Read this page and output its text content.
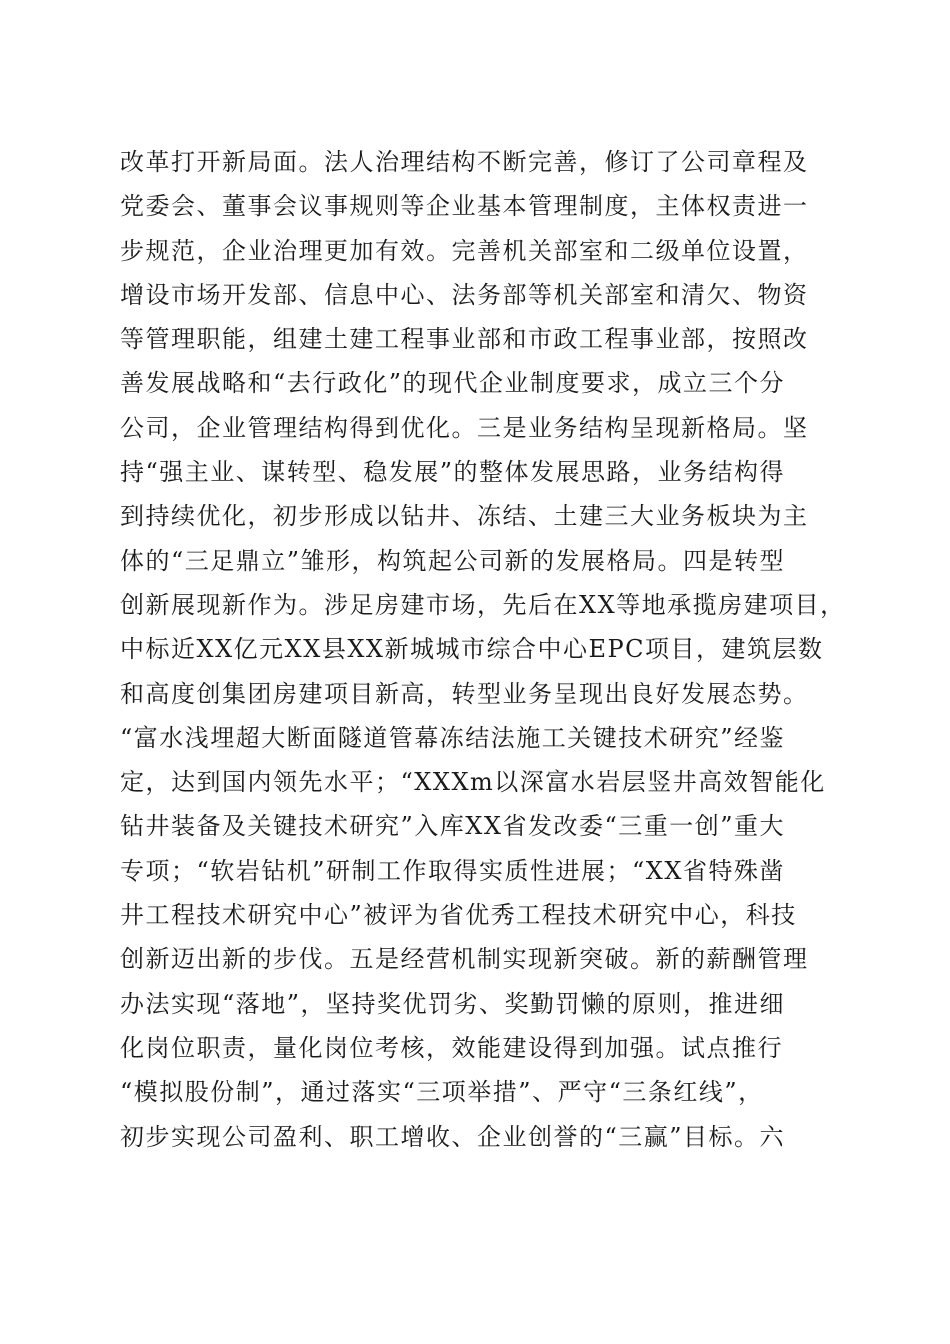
改革打开新局面。法人治理结构不断完善，修订了公司章程及
党委会、董事会议事规则等企业基本管理制度，主体权责进一
步规范，企业治理更加有效。完善机关部室和二级单位设置，
增设市场开发部、信息中心、法务部等机关部室和清欠、物资
等管理职能，组建土建工程事业部和市政工程事业部，按照改
善发展战略和“去行政化”的现代企业制度要求，成立三个分
公司，企业管理结构得到优化。三是业务结构呈现新格局。坚
持“强主业、谋转型、稳发展”的整体发展思路，业务结构得
到持续优化，初步形成以钻井、冻结、土建三大业务板块为主
体的“三足鼎立”雏形，构筑起公司新的发展格局。四是转型
创新展现新作为。涉足房建市场，先后在XX等地承揽房建项目，
中标近XX亿元XX县XX新城城市综合中心EPC项目，建筑层数
和高度创集团房建项目新高，转型业务呈现出良好发展态势。
“富水浅埋超大断面隧道管幕冻结法施工关键技术研究”经鉴
定，达到国内领先水平；“XXXm以深富水岩层竖井高效智能化
钻井装备及关键技术研究”入库XX省发改委“三重一创”重大
专项；“软岩钻机”研制工作取得实质性进展；“XX省特殊凿
井工程技术研究中心”被评为省优秀工程技术研究中心，科技
创新迈出新的步伐。五是经营机制实现新突破。新的薪酬管理
办法实现“落地”，坚持奖优罚劣、奖勤罚懒的原则，推进细
化岗位职责，量化岗位考核，效能建设得到加强。试点推行
“模拟股份制”，通过落实“三项举措”、严守“三条红线”，
初步实现公司盈利、职工增收、企业创誉的“三赢”目标。六
